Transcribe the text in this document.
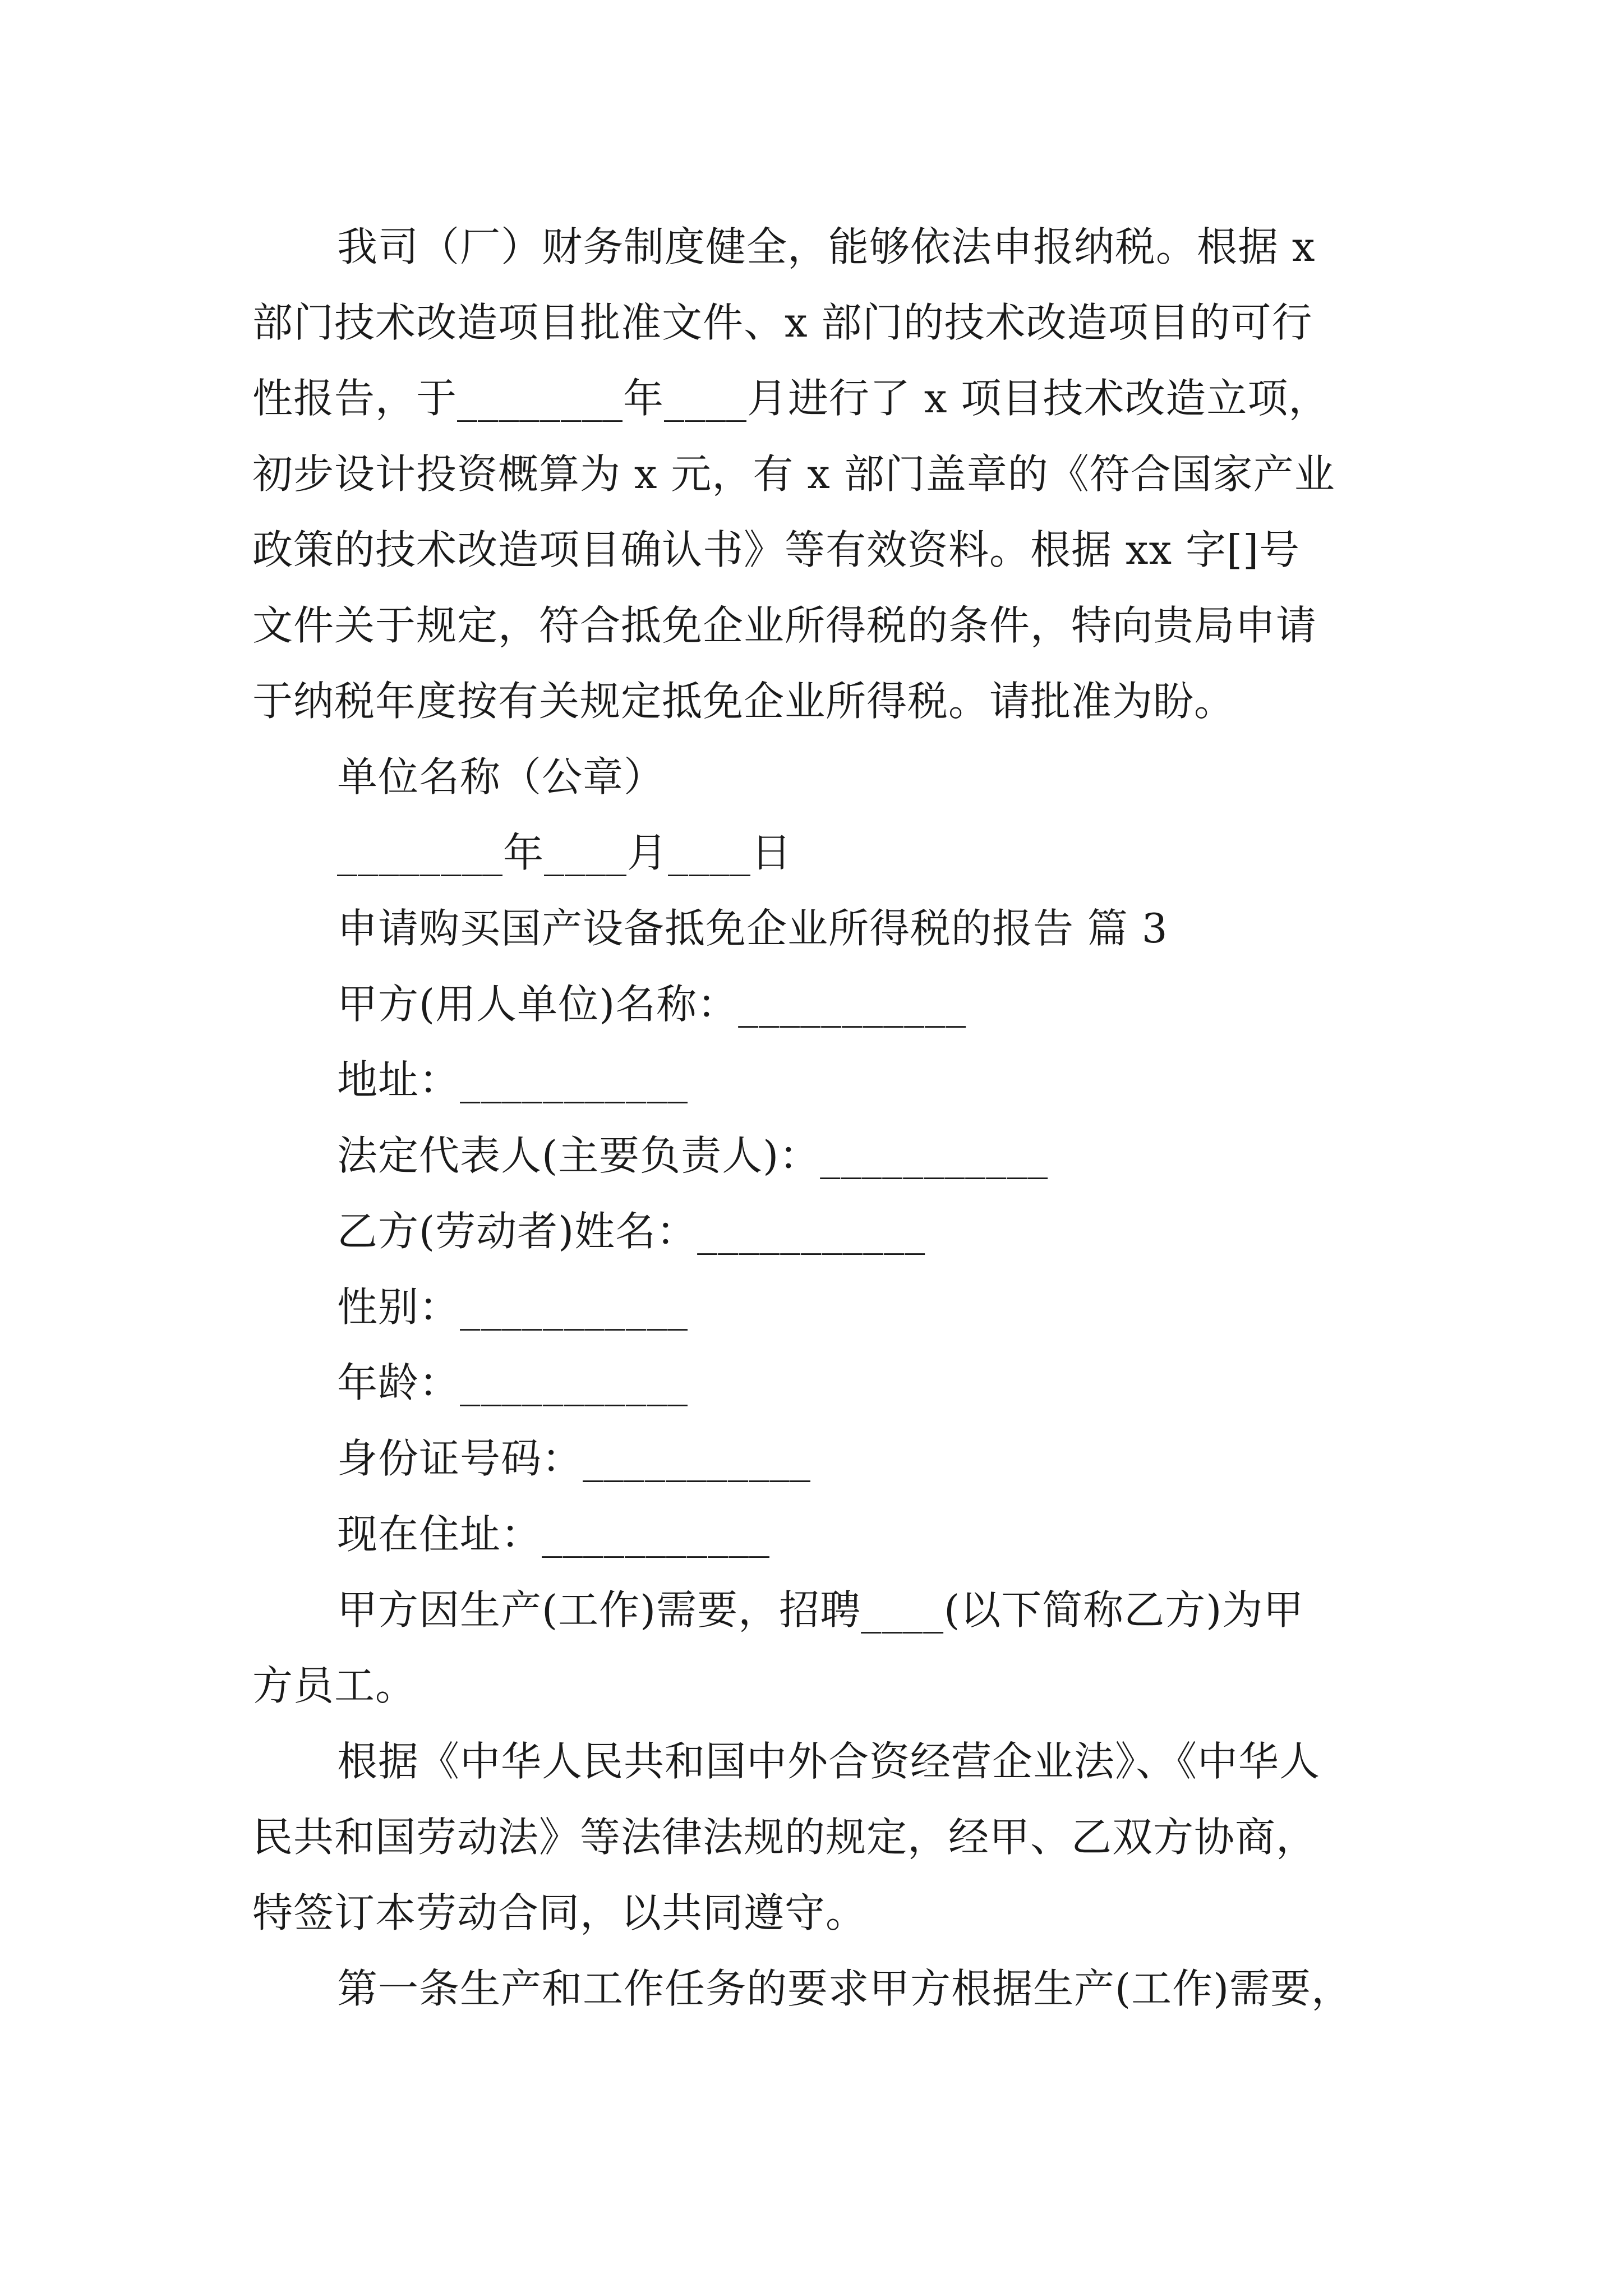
我司（厂）财务制度健全，能够依法申报纳税。根据 x

部门技术改造项目批准文件、x 部门的技术改造项目的可行

性报告，于________年____月进行了 x 项目技术改造立项，

初步设计投资概算为 x 元，有 x 部门盖章的《符合国家产业

政策的技术改造项目确认书》等有效资料。根据 xx 字[]号

文件关于规定，符合抵免企业所得税的条件，特向贵局申请

于纳税年度按有关规定抵免企业所得税。请批准为盼。

单位名称（公章）

________年____月____日

申请购买国产设备抵免企业所得税的报告 篇 3

甲方(用人单位)名称：___________

地址：___________

法定代表人(主要负责人)：___________

乙方(劳动者)姓名：___________

性别：___________

年龄：___________

身份证号码：___________

现在住址：___________

甲方因生产(工作)需要，招聘____(以下简称乙方)为甲

方员工。

根据《中华人民共和国中外合资经营企业法》、《中华人

民共和国劳动法》等法律法规的规定，经甲、乙双方协商，

特签订本劳动合同，以共同遵守。

第一条生产和工作任务的要求甲方根据生产(工作)需要，
